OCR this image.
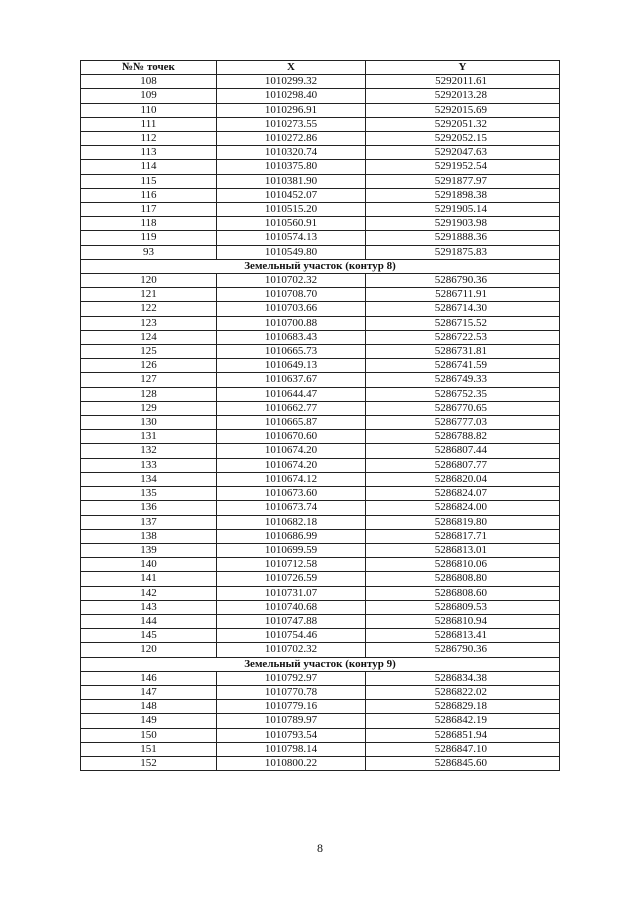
№№ точек	X	Y
108	1010299.32	5292011.61
109	1010298.40	5292013.28
110	1010296.91	5292015.69
111	1010273.55	5292051.32
112	1010272.86	5292052.15
113	1010320.74	5292047.63
114	1010375.80	5291952.54
115	1010381.90	5291877.97
116	1010452.07	5291898.38
117	1010515.20	5291905.14
118	1010560.91	5291903.98
119	1010574.13	5291888.36
93	1010549.80	5291875.83
Земельный участок (контур 8)		
120	1010702.32	5286790.36
121	1010708.70	5286711.91
122	1010703.66	5286714.30
123	1010700.88	5286715.52
124	1010683.43	5286722.53
125	1010665.73	5286731.81
126	1010649.13	5286741.59
127	1010637.67	5286749.33
128	1010644.47	5286752.35
129	1010662.77	5286770.65
130	1010665.87	5286777.03
131	1010670.60	5286788.82
132	1010674.20	5286807.44
133	1010674.20	5286807.77
134	1010674.12	5286820.04
135	1010673.60	5286824.07
136	1010673.74	5286824.00
137	1010682.18	5286819.80
138	1010686.99	5286817.71
139	1010699.59	5286813.01
140	1010712.58	5286810.06
141	1010726.59	5286808.80
142	1010731.07	5286808.60
143	1010740.68	5286809.53
144	1010747.88	5286810.94
145	1010754.46	5286813.41
120	1010702.32	5286790.36
Земельный участок (контур 9)		
146	1010792.97	5286834.38
147	1010770.78	5286822.02
148	1010779.16	5286829.18
149	1010789.97	5286842.19
150	1010793.54	5286851.94
151	1010798.14	5286847.10
152	1010800.22	5286845.60
8
